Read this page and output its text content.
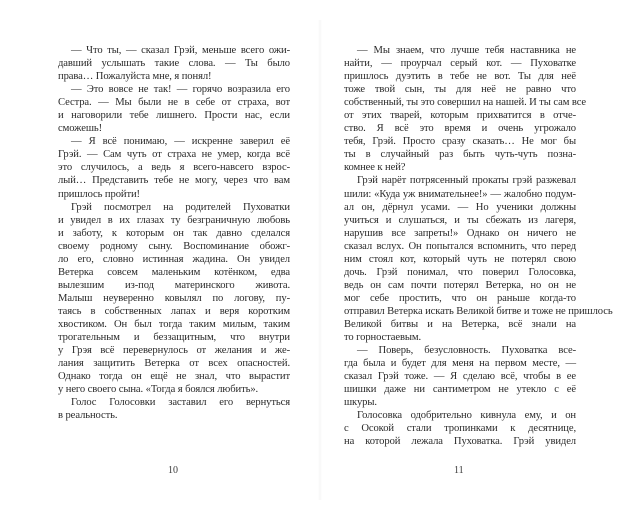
— Что ты, — сказал Грэй, меньше всего ожи-
давший услышать такие слова. — Ты было
права… Пожалуйста мне, я понял!
— Это вовсе не так! — горячо возразила его
Сестра. — Мы были не в себе от страха, вот
и наговорили тебе лишнего. Прости нас, если
сможешь!
— Я всё понимаю, — искренне заверил её
Грэй. — Сам чуть от страха не умер, когда всё
это случилось, а ведь я всего-навсего взрос-
лый… Представить тебе не могу, через что вам
пришлось пройти!
Грэй посмотрел на родителей Пуховатки
и увидел в их глазах ту безграничную любовь
и заботу, к которым он так давно сделался
своему родному сыну. Воспоминание обожг-
ло его, словно истинная жадина. Он увидел
Ветерка совсем маленьким котёнком, едва
вылезшим из-под материнского живота.
Малыш неуверенно ковылял по логову, пу-
таясь в собственных лапах и веря коротким
хвостиком. Он был тогда таким милым, таким
трогательным и беззащитным, что внутри
у Грэя всё перевернулось от желания и же-
лания защитить Ветерка от всех опасностей.
Однако тогда он ещё не знал, что вырастит
у него своего сына. «Тогда я боялся любить».
Голос Голосовки заставил его вернуться
в реальность.
10
— Мы знаем, что лучше тебя наставника не
найти, — проурчал серый кот. — Пуховатке
пришлось дуэтить в тебе не вот. Ты для неё
тоже твой сын, ты для неё не равно что
собственный, ты это совершил на нашей. И ты сам все
от этих тварей, которым прихватится в отче-
ство. Я всё это время и очень угрожало
тебя, Грэй. Просто сразу сказать… Не мог бы
ты в случайный раз быть чуть-чуть позна-
комнее к ней?
Грэй нарёт потрясенный прокаты грэй разжевал
шили: «Куда уж внимательнее!» — жалобно подум-
ал он, дёрнул усами. — Но ученики должны
учиться и слушаться, и ты сбежать из лагеря,
нарушив все запреты!» Однако он ничего не
сказал вслух. Он попытался вспомнить, что перед
ним стоял кот, который чуть не потерял свою
дочь. Грэй понимал, что поверил Голосовка,
ведь он сам почти потерял Ветерка, но он не
мог себе простить, что он раньше когда-то
отправил Ветерка искать Великой битве и тоже не пришлось
Великой битвы и на Ветерка, всё знали на
то горностаевым.
— Поверь, безусловность. Пуховатка все-
гда была и будет для меня на первом месте, —
сказал Грэй тоже. — Я сделаю всё, чтобы в ее
шишки даже ни сантиметром не утекло с её
шкуры.
Голосовка одобрительно кивнула ему, и он
с Осокой стали тропинками к десятнице,
на которой лежала Пуховатка. Грэй увидел
11
